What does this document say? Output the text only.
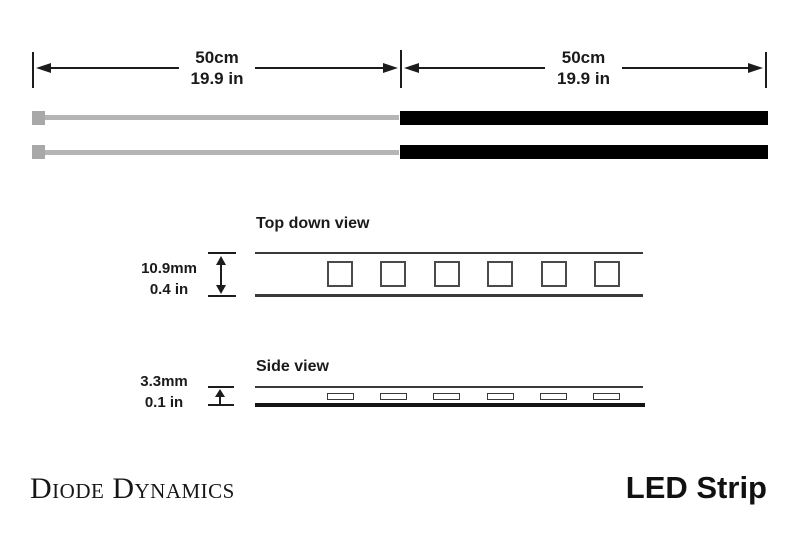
50cm
19.9 in
50cm
19.9 in
Top down view
10.9mm
0.4 in
Side view
3.3mm
0.1 in
Diode Dynamics	LED Strip
